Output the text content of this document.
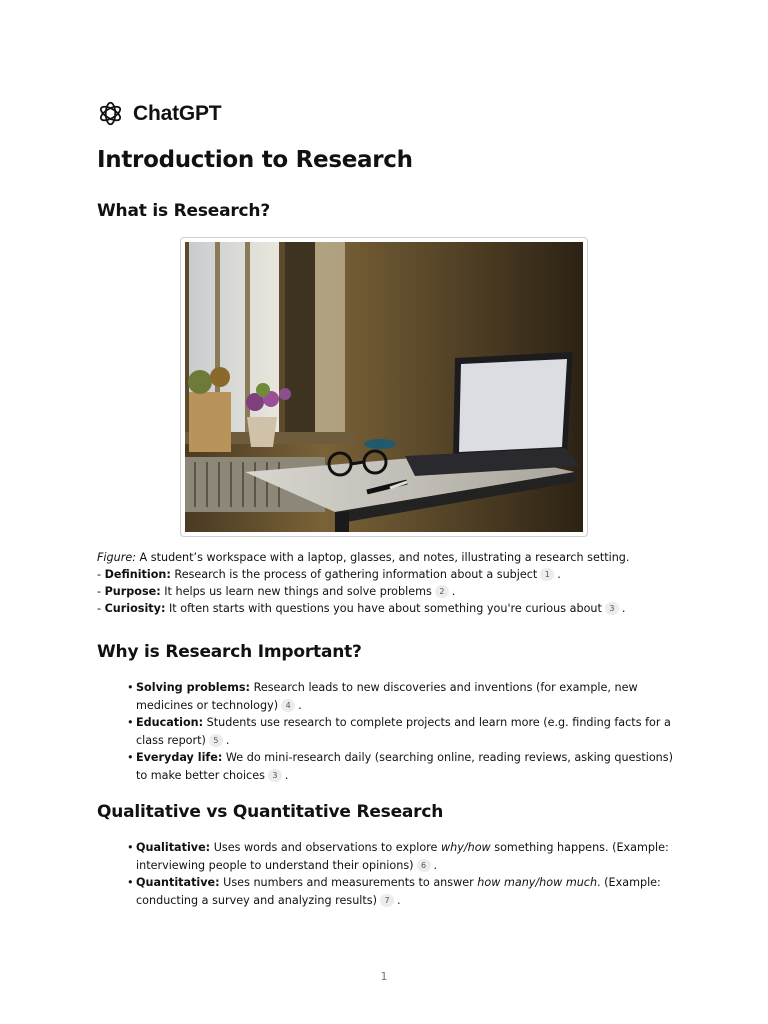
ChatGPT
Introduction to Research
What is Research?
Figure: A student’s workspace with a laptop, glasses, and notes, illustrating a research setting.
- Definition: Research is the process of gathering information about a subject 1 .
- Purpose: It helps us learn new things and solve problems 2 .
- Curiosity: It often starts with questions you have about something you're curious about 3 .
Why is Research Important?
• Solving problems: Research leads to new discoveries and inventions (for example, new medicines or technology) 4 .
• Education: Students use research to complete projects and learn more (e.g. finding facts for a class report) 5 .
• Everyday life: We do mini-research daily (searching online, reading reviews, asking questions) to make better choices 3 .
Qualitative vs Quantitative Research
• Qualitative: Uses words and observations to explore why/how something happens. (Example: interviewing people to understand their opinions) 6 .
• Quantitative: Uses numbers and measurements to answer how many/how much. (Example: conducting a survey and analyzing results) 7 .
1
